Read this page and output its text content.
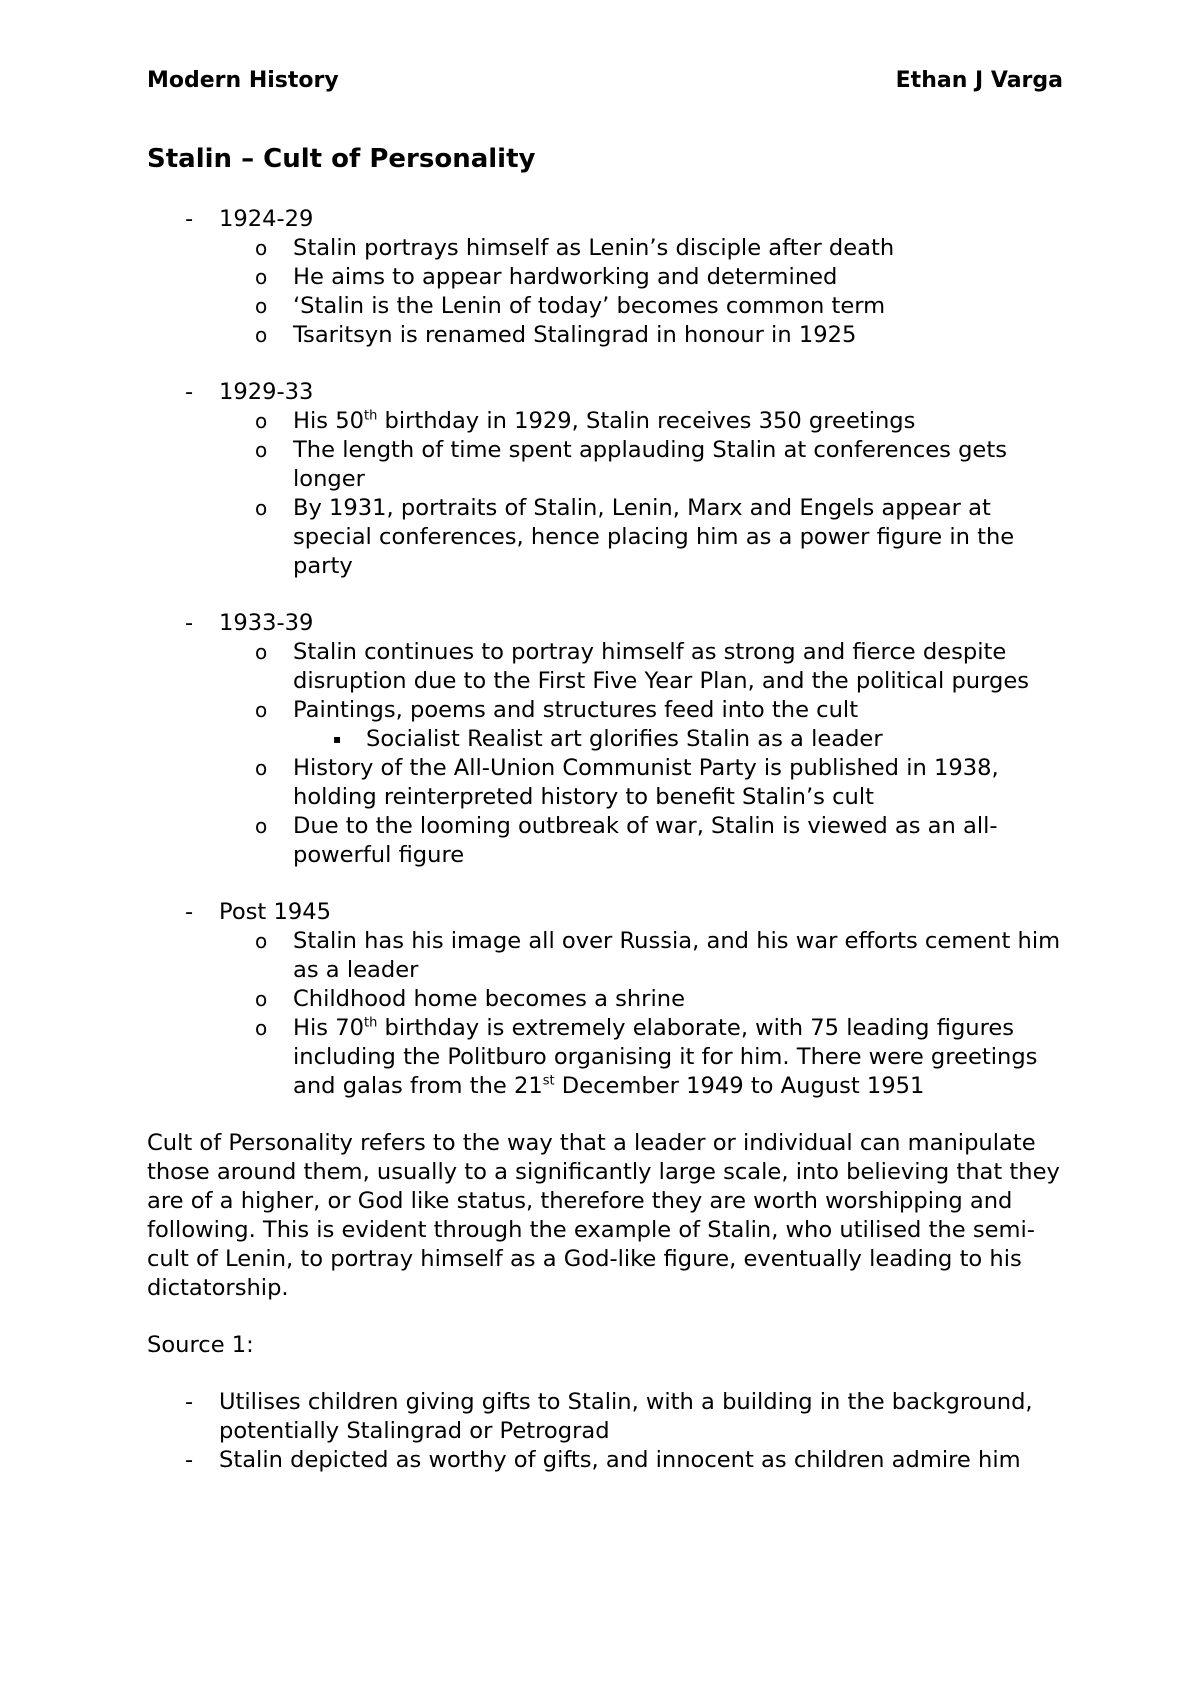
Modern History	Ethan J Varga
Stalin – Cult of Personality
- 1924-29
o Stalin portrays himself as Lenin’s disciple after death
o He aims to appear hardworking and determined
o ‘Stalin is the Lenin of today’ becomes common term
o Tsaritsyn is renamed Stalingrad in honour in 1925
- 1929-33
o His 50th birthday in 1929, Stalin receives 350 greetings
o The length of time spent applauding Stalin at conferences gets longer
o By 1931, portraits of Stalin, Lenin, Marx and Engels appear at special conferences, hence placing him as a power figure in the party
- 1933-39
o Stalin continues to portray himself as strong and fierce despite disruption due to the First Five Year Plan, and the political purges
o Paintings, poems and structures feed into the cult
▪ Socialist Realist art glorifies Stalin as a leader
o History of the All-Union Communist Party is published in 1938, holding reinterpreted history to benefit Stalin’s cult
o Due to the looming outbreak of war, Stalin is viewed as an all-powerful figure
- Post 1945
o Stalin has his image all over Russia, and his war efforts cement him as a leader
o Childhood home becomes a shrine
o His 70th birthday is extremely elaborate, with 75 leading figures including the Politburo organising it for him. There were greetings and galas from the 21st December 1949 to August 1951

Cult of Personality refers to the way that a leader or individual can manipulate those around them, usually to a significantly large scale, into believing that they are of a higher, or God like status, therefore they are worth worshipping and following. This is evident through the example of Stalin, who utilised the semi-cult of Lenin, to portray himself as a God-like figure, eventually leading to his dictatorship.

Source 1:

- Utilises children giving gifts to Stalin, with a building in the background, potentially Stalingrad or Petrograd
- Stalin depicted as worthy of gifts, and innocent as children admire him
